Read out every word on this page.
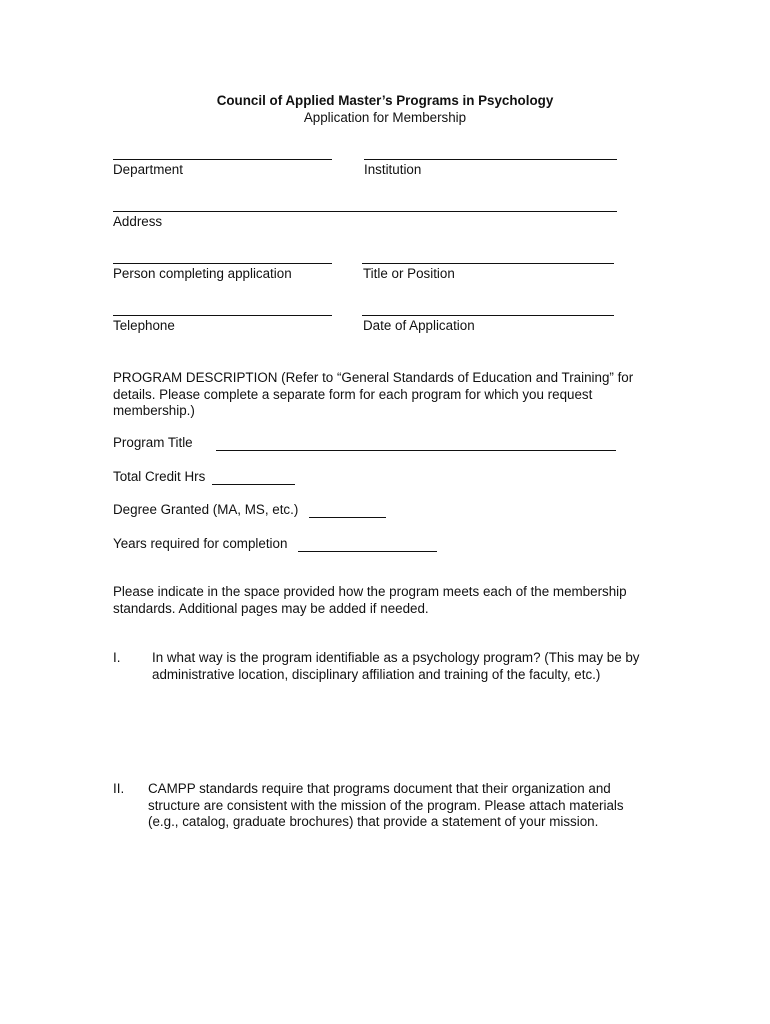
Council of Applied Master’s Programs in Psychology
Application for Membership
Department	Institution
Address
Person completing application	Title or Position
Telephone	Date of Application
PROGRAM DESCRIPTION (Refer to “General Standards of Education and Training” for details. Please complete a separate form for each program for which you request membership.)
Program Title
Total Credit Hrs
Degree Granted (MA, MS, etc.)
Years required for completion
Please indicate in the space provided how the program meets each of the membership standards. Additional pages may be added if needed.
I. In what way is the program identifiable as a psychology program? (This may be by administrative location, disciplinary affiliation and training of the faculty, etc.)
II. CAMPP standards require that programs document that their organization and structure are consistent with the mission of the program. Please attach materials (e.g., catalog, graduate brochures) that provide a statement of your mission.
